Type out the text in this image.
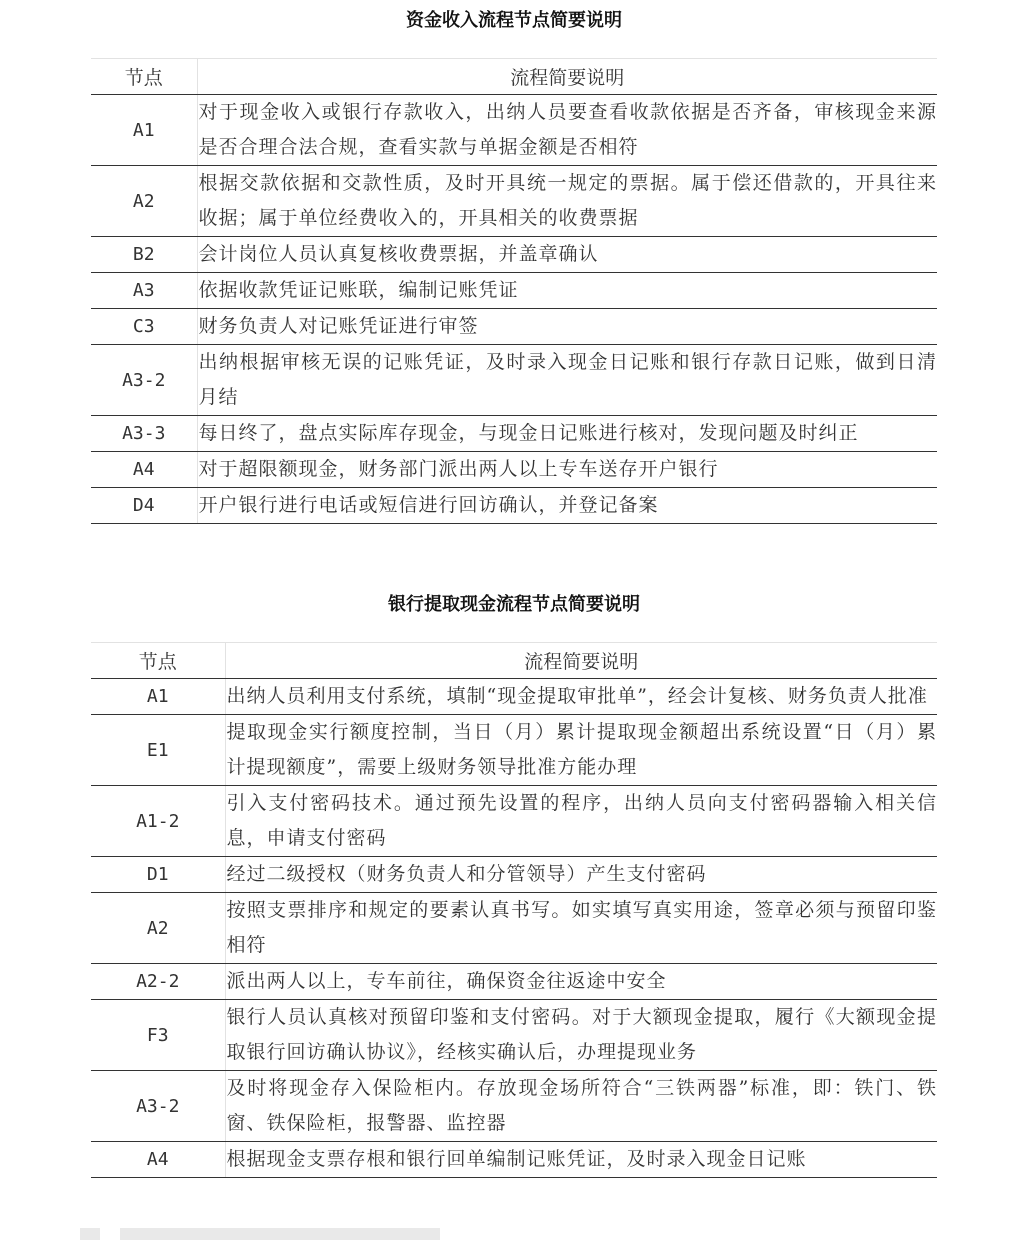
资金收入流程节点简要说明
节点	流程简要说明
A1	对于现金收入或银行存款收入，出纳人员要查看收款依据是否齐备，审核现金来源是否合理合法合规，查看实款与单据金额是否相符
A2	根据交款依据和交款性质，及时开具统一规定的票据。属于偿还借款的，开具往来收据；属于单位经费收入的，开具相关的收费票据
B2	会计岗位人员认真复核收费票据，并盖章确认
A3	依据收款凭证记账联，编制记账凭证
C3	财务负责人对记账凭证进行审签
A3-2	出纳根据审核无误的记账凭证，及时录入现金日记账和银行存款日记账，做到日清月结
A3-3	每日终了，盘点实际库存现金，与现金日记账进行核对，发现问题及时纠正
A4	对于超限额现金，财务部门派出两人以上专车送存开户银行
D4	开户银行进行电话或短信进行回访确认，并登记备案
银行提取现金流程节点简要说明
节点	流程简要说明
A1	出纳人员利用支付系统，填制“现金提取审批单”，经会计复核、财务负责人批准
E1	提取现金实行额度控制，当日（月）累计提取现金额超出系统设置“日（月）累计提现额度”，需要上级财务领导批准方能办理
A1-2	引入支付密码技术。通过预先设置的程序，出纳人员向支付密码器输入相关信息，申请支付密码
D1	经过二级授权（财务负责人和分管领导）产生支付密码
A2	按照支票排序和规定的要素认真书写。如实填写真实用途，签章必须与预留印鉴相符
A2-2	派出两人以上，专车前往，确保资金往返途中安全
F3	银行人员认真核对预留印鉴和支付密码。对于大额现金提取，履行《大额现金提取银行回访确认协议》，经核实确认后，办理提现业务
A3-2	及时将现金存入保险柜内。存放现金场所符合“三铁两器”标准，即：铁门、铁窗、铁保险柜，报警器、监控器
A4	根据现金支票存根和银行回单编制记账凭证，及时录入现金日记账
